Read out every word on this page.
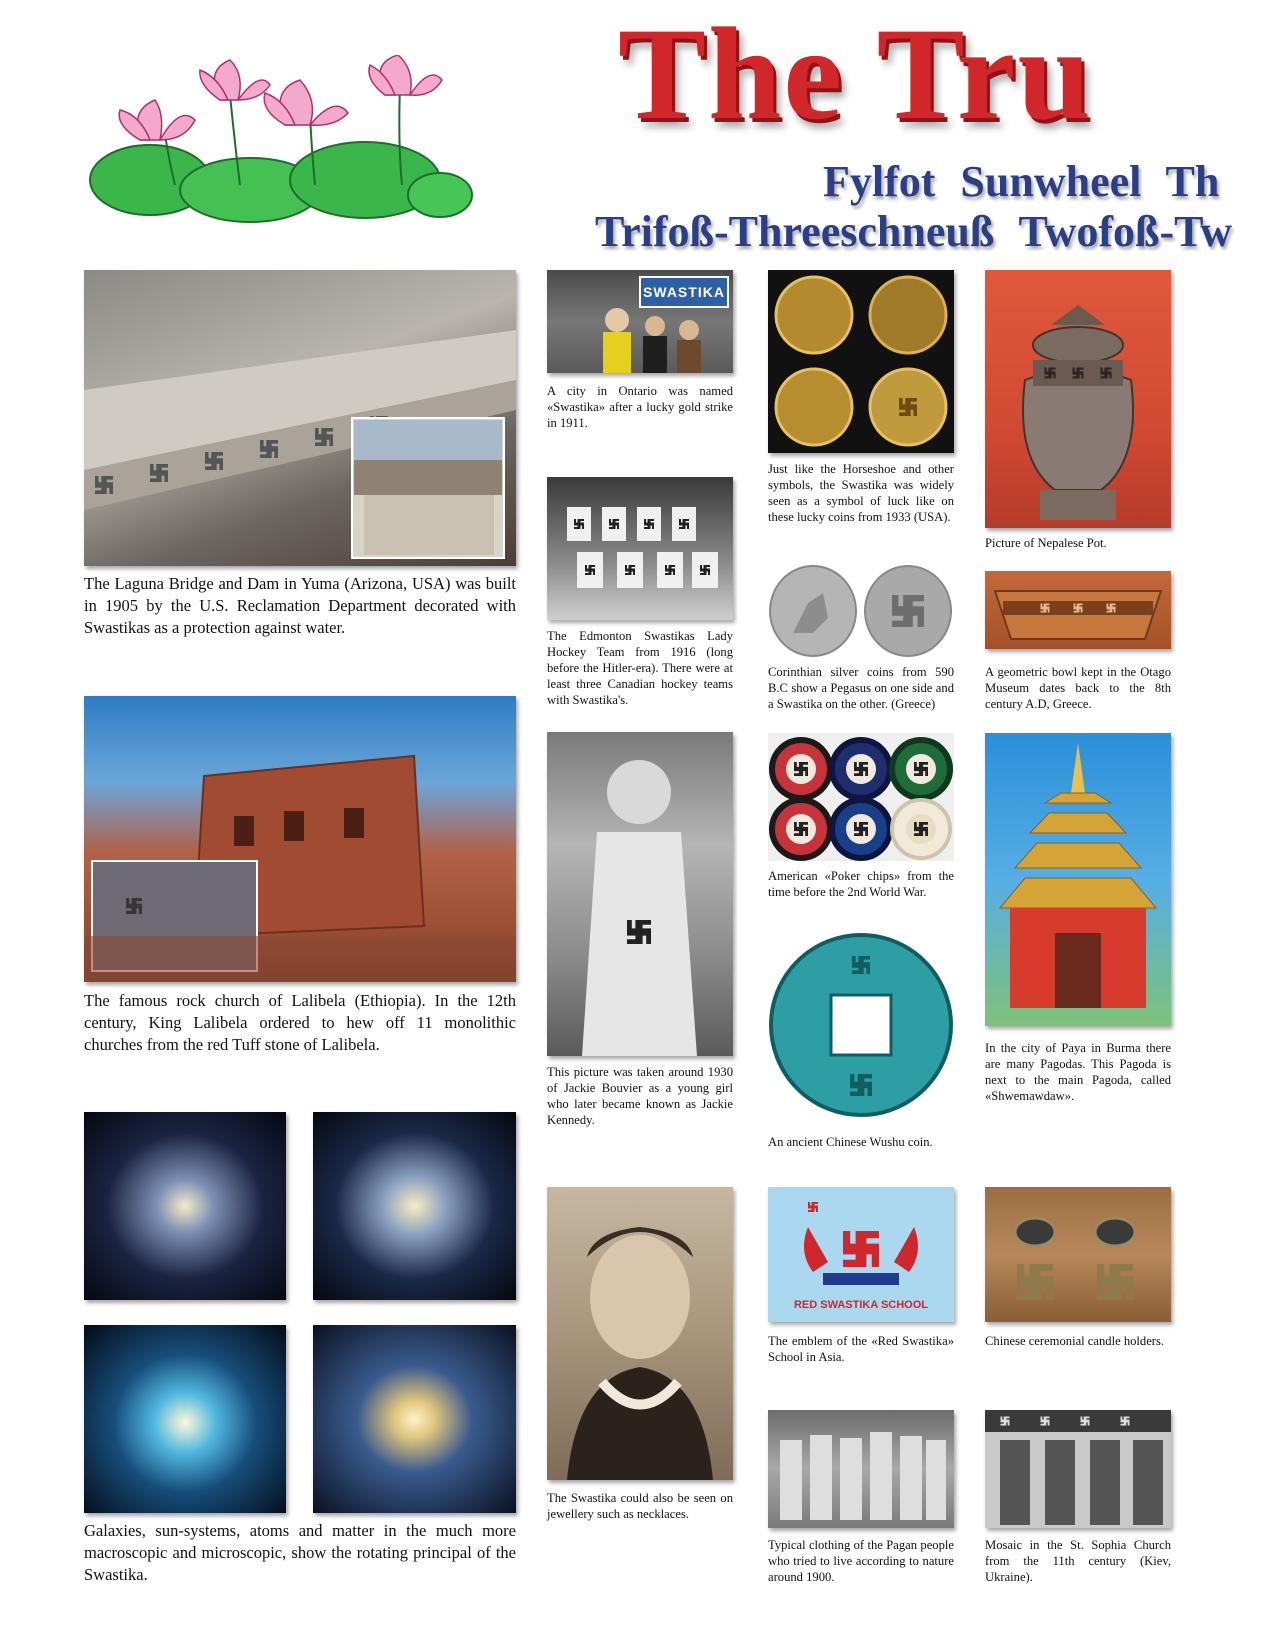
The Tru
Fylfot Sunwheel Th
Trifoß-Threeschneuß Twofoß-Tw
The Laguna Bridge and Dam in Yuma (Arizona, USA) was built in 1905 by the U.S. Reclamation Department decorated with Swastikas as a protection against water.
The famous rock church of Lalibela (Ethiopia). In the 12th century, King Lalibela ordered to hew off 11 monolithic churches from the red Tuff stone of Lalibela.
Galaxies, sun-systems, atoms and matter in the much more macroscopic and microscopic, show the rotating principal of the Swastika.
SWASTIKA
A city in Ontario was named «Swastika» after a lucky gold strike in 1911.
The Edmonton Swastikas Lady Hockey Team from 1916 (long before the Hitler-era). There were at least three Canadian hockey teams with Swastika's.
This picture was taken around 1930 of Jackie Bouvier as a young girl who later became known as Jackie Kennedy.
The Swastika could also be seen on jewellery such as necklaces.
Just like the Horseshoe and other symbols, the Swastika was widely seen as a symbol of luck like on these lucky coins from 1933 (USA).
Corinthian silver coins from 590 B.C show a Pegasus on one side and a Swastika on the other. (Greece)
American «Poker chips» from the time before the 2nd World War.
An ancient Chinese Wushu coin.
RED SWASTIKA SCHOOL
The emblem of the «Red Swastika» School in Asia.
Typical clothing of the Pagan people who tried to live according to nature around 1900.
Picture of Nepalese Pot.
A geometric bowl kept in the Otago Museum dates back to the 8th century A.D, Greece.
In the city of Paya in Burma there are many Pagodas. This Pagoda is next to the main Pagoda, called «Shwemawdaw».
Chinese ceremonial candle holders.
Mosaic in the St. Sophia Church from the 11th century (Kiev, Ukraine).
